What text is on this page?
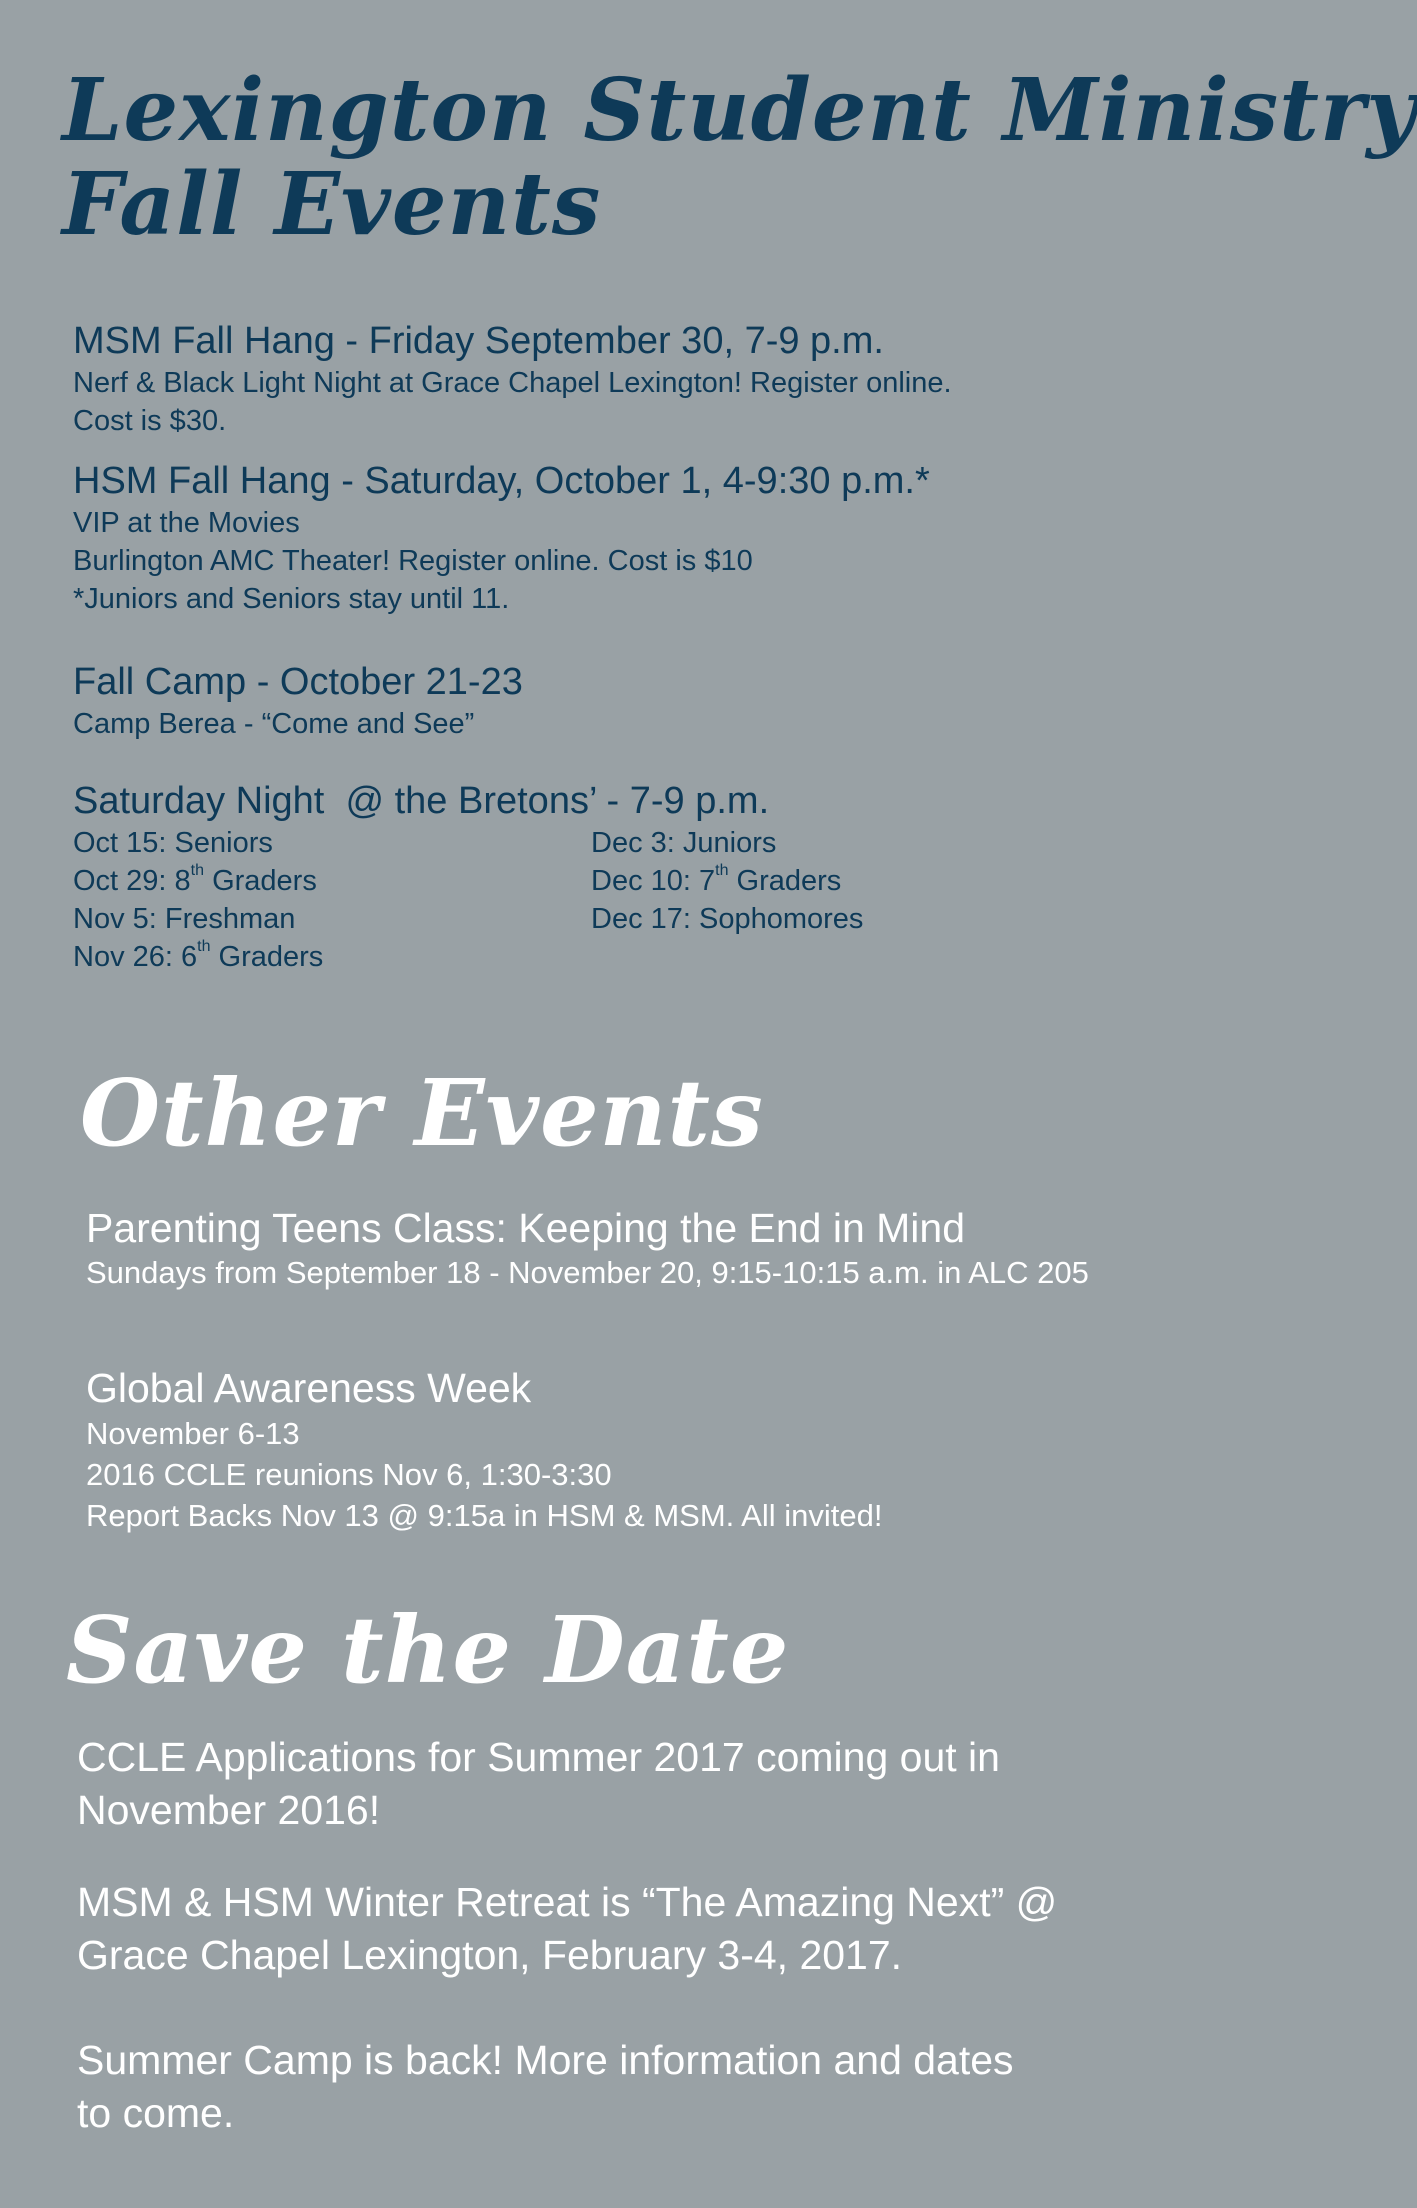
Lexington Student Ministry
Fall Events
MSM Fall Hang - Friday September 30, 7-9 p.m.
Nerf & Black Light Night at Grace Chapel Lexington! Register online.
Cost is $30.
HSM Fall Hang - Saturday, October 1, 4-9:30 p.m.*
VIP at the Movies
Burlington AMC Theater! Register online. Cost is $10
*Juniors and Seniors stay until 11.
Fall Camp - October 21-23
Camp Berea - “Come and See”
Saturday Night  @ the Bretons’ - 7-9 p.m.
Oct 15: Seniors
Oct 29: 8th Graders
Nov 5: Freshman
Nov 26: 6th Graders
Dec 3: Juniors
Dec 10: 7th Graders
Dec 17: Sophomores
Other Events
Parenting Teens Class: Keeping the End in Mind
Sundays from September 18 - November 20, 9:15-10:15 a.m. in ALC 205
Global Awareness Week
November 6-13
2016 CCLE reunions Nov 6, 1:30-3:30
Report Backs Nov 13 @ 9:15a in HSM & MSM. All invited!
Save the Date
CCLE Applications for Summer 2017 coming out in
November 2016!
MSM & HSM Winter Retreat is “The Amazing Next” @
Grace Chapel Lexington, February 3-4, 2017.
Summer Camp is back! More information and dates
to come.
